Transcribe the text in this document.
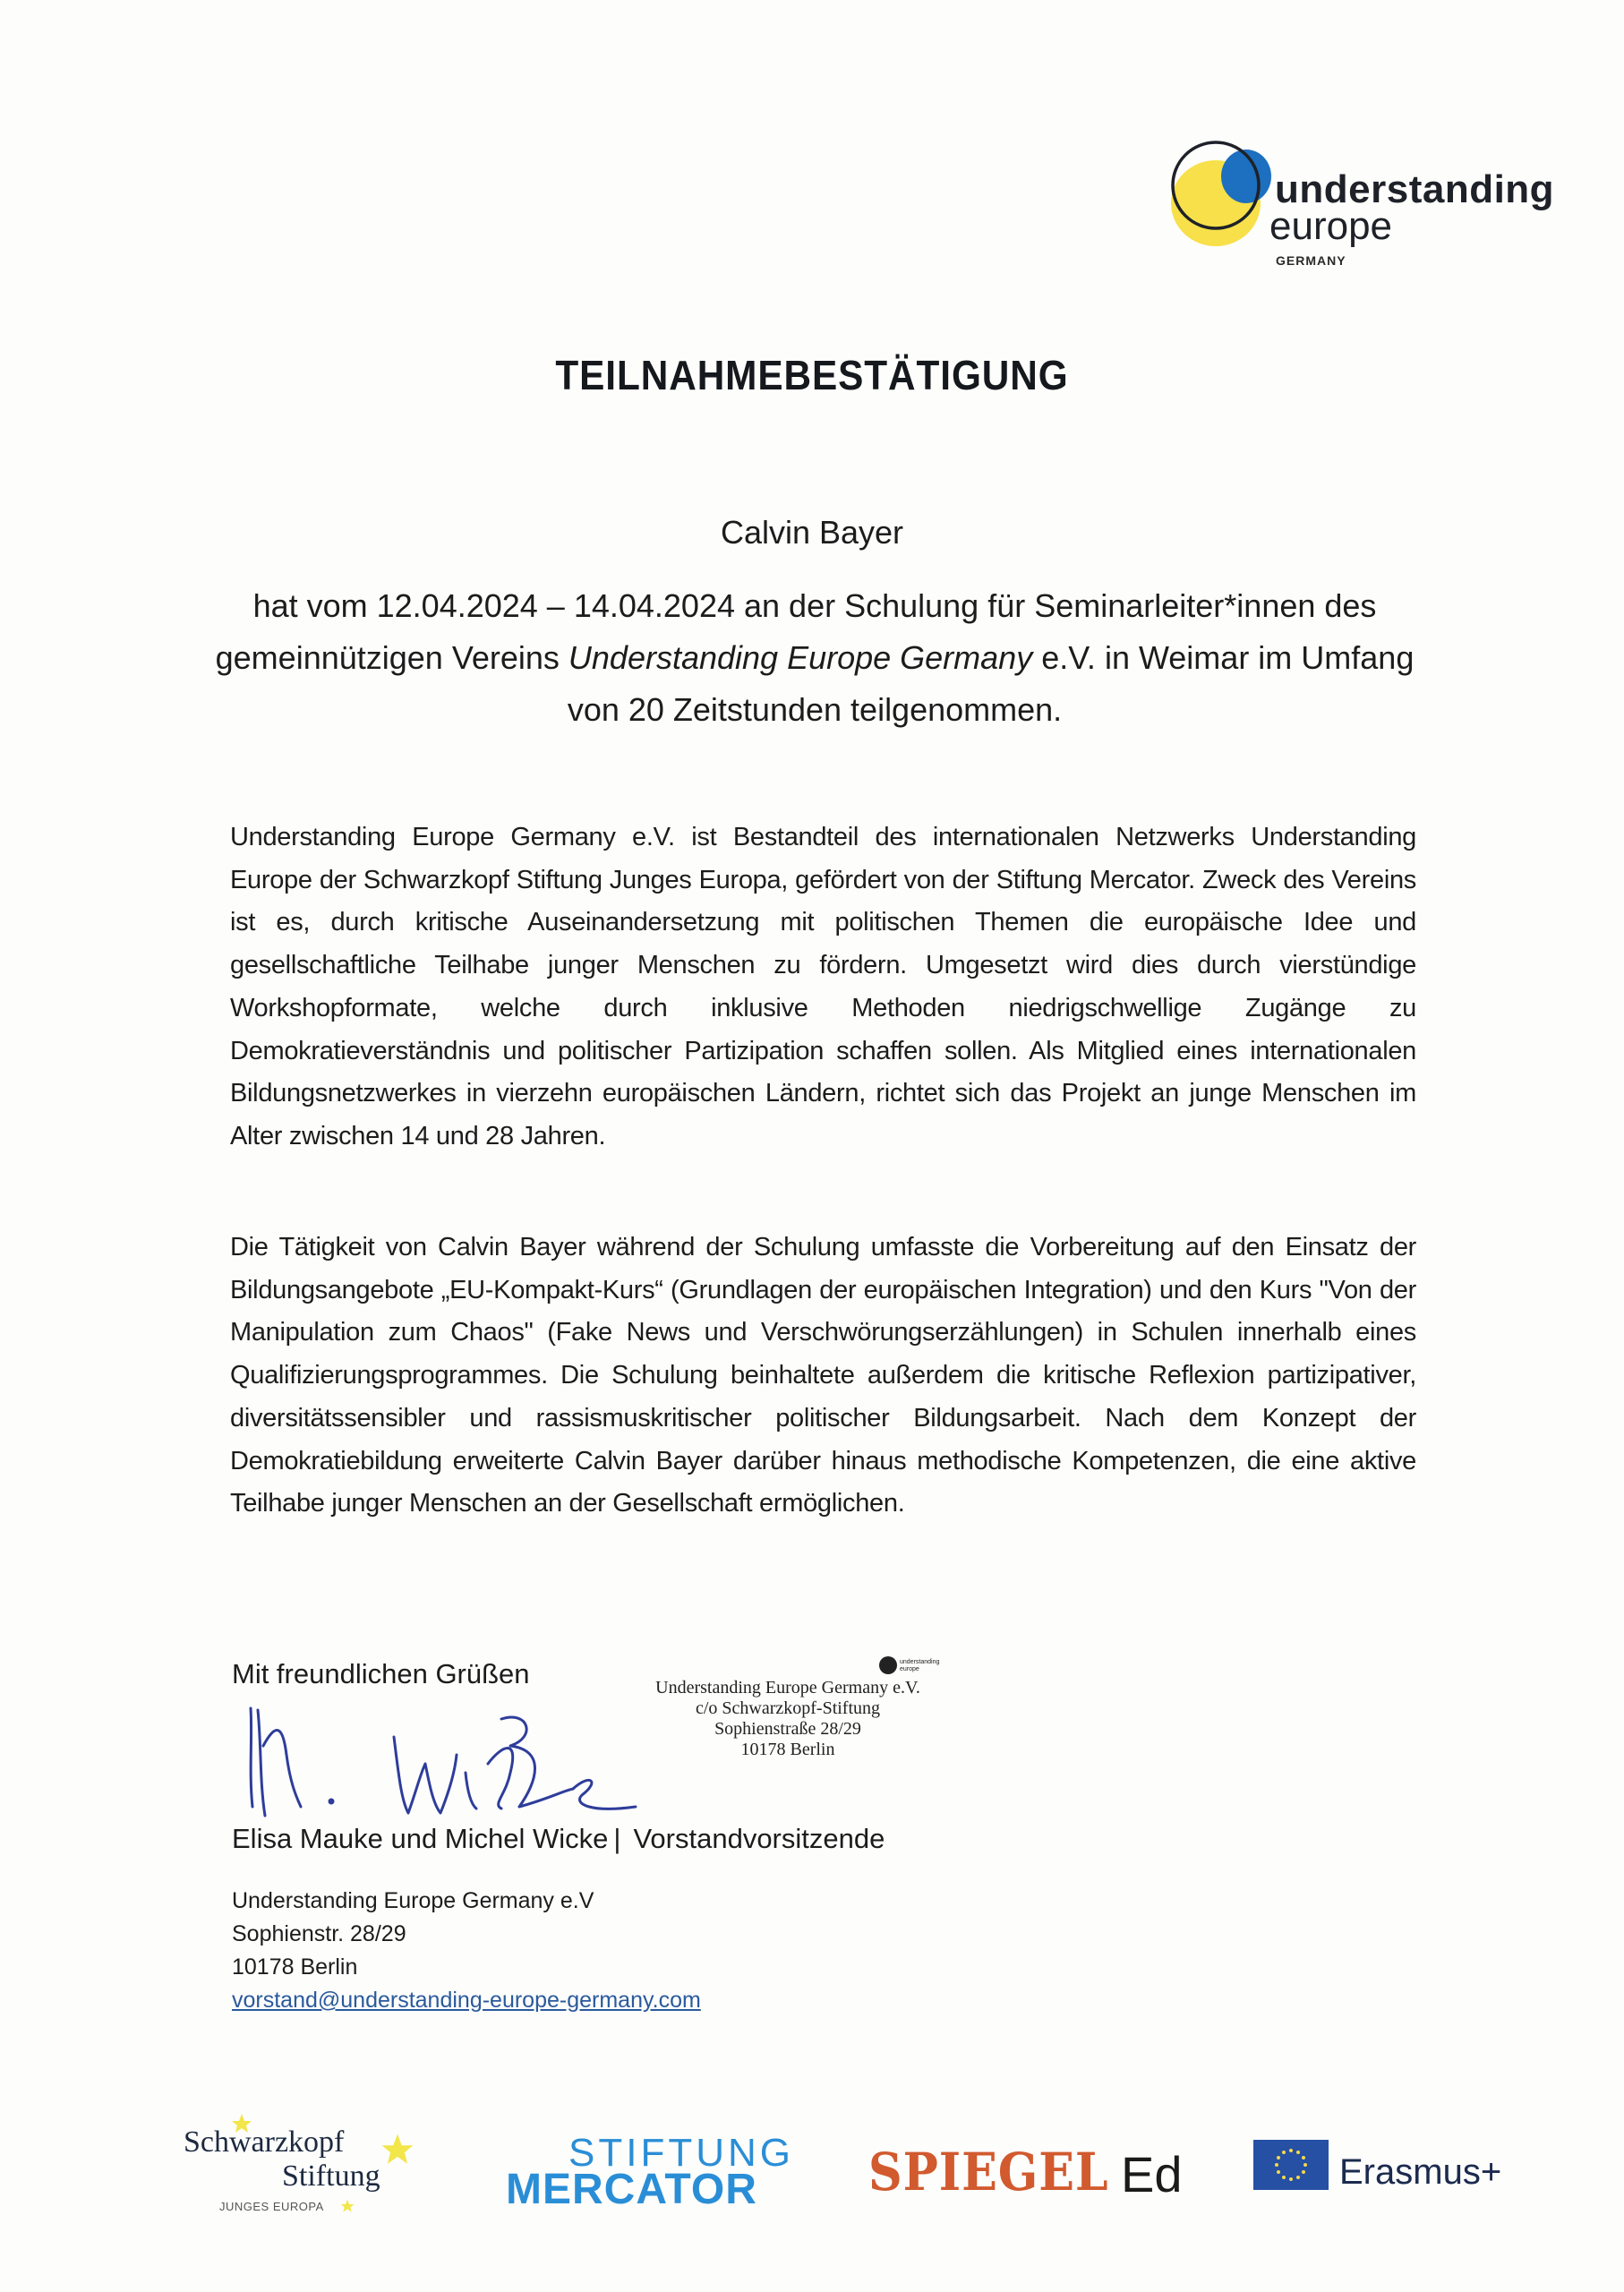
understanding
europe
GERMANY
TEILNAHMEBESTÄTIGUNG
Calvin Bayer
hat vom 12.04.2024 – 14.04.2024 an der Schulung für Seminarleiter*innen des gemeinnützigen Vereins Understanding Europe Germany e.V. in Weimar im Umfang von 20 Zeitstunden teilgenommen.
Understanding Europe Germany e.V. ist Bestandteil des internationalen Netzwerks Understanding Europe der Schwarzkopf Stiftung Junges Europa, gefördert von der Stiftung Mercator. Zweck des Vereins ist es, durch kritische Auseinandersetzung mit politischen Themen die europäische Idee und gesellschaftliche Teilhabe junger Menschen zu fördern. Umgesetzt wird dies durch vierstündige Workshopformate, welche durch inklusive Methoden niedrigschwellige Zugänge zu Demokratieverständnis und politischer Partizipation schaffen sollen. Als Mitglied eines internationalen Bildungsnetzwerkes in vierzehn europäischen Ländern, richtet sich das Projekt an junge Menschen im Alter zwischen 14 und 28 Jahren.
Die Tätigkeit von Calvin Bayer während der Schulung umfasste die Vorbereitung auf den Einsatz der Bildungsangebote „EU-Kompakt-Kurs“ (Grundlagen der europäischen Integration) und den Kurs "Von der Manipulation zum Chaos" (Fake News und Verschwörungserzählungen) in Schulen innerhalb eines Qualifizierungsprogrammes. Die Schulung beinhaltete außerdem die kritische Reflexion partizipativer, diversitätssensibler und rassismuskritischer politischer Bildungsarbeit. Nach dem Konzept der Demokratiebildung erweiterte Calvin Bayer darüber hinaus methodische Kompetenzen, die eine aktive Teilhabe junger Menschen an der Gesellschaft ermöglichen.
Mit freundlichen Grüßen	understanding
europe
Understanding Europe Germany e.V.
c/o Schwarzkopf-Stiftung
Sophienstraße 28/29
10178 Berlin
Elisa Mauke und Michel Wicke | Vorstandvorsitzende
Understanding Europe Germany e.V
Sophienstr. 28/29
10178 Berlin
vorstand@understanding-europe-germany.com
Schwarzkopf
Stiftung
JUNGES EUROPA
STIFTUNG
MERCATOR SPIEGEL Ed	Erasmus+
